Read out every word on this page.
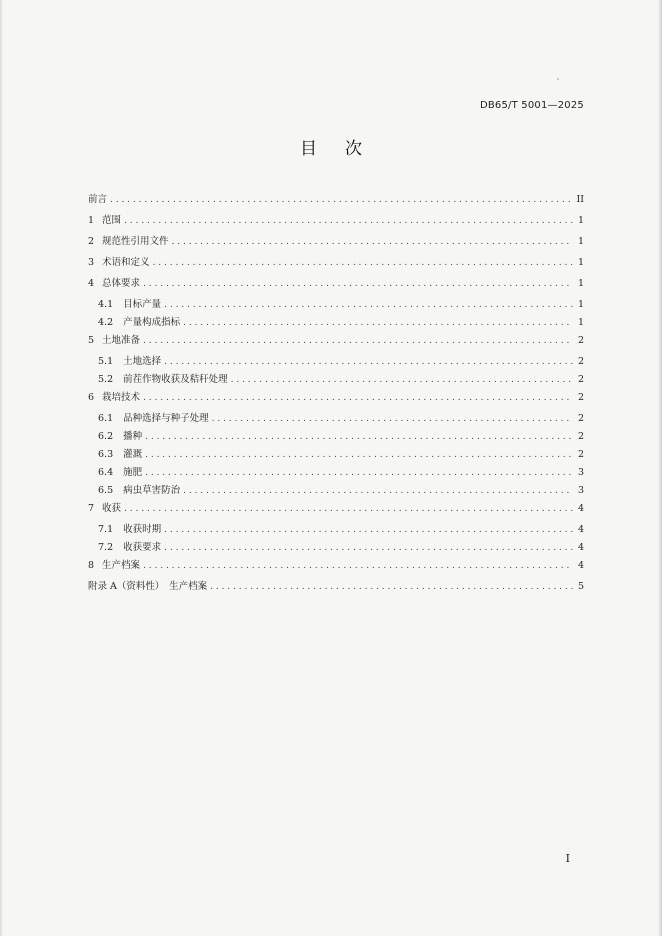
DB65/T 5001—2025
目次
前言 . . .	II
1 范围 . . .	1
2 规范性引用文件 . . .	1
3 术语和定义 . . .	1
4 总体要求 . . .	1
4.1 目标产量 . . .	1
4.2 产量构成指标 . . .	1
5 土地准备 . . .	2
5.1 土地选择 . . .	2
5.2 前茬作物收获及秸秆处理 . . .	2
6 栽培技术 . . .	2
6.1 品种选择与种子处理 . . .	2
6.2 播种 . . .	2
6.3 灌溉 . . .	2
6.4 施肥 . . .	3
6.5 病虫草害防治 . . .	3
7 收获 . . .	4
7.1 收获时期 . . .	4
7.2 收获要求 . . .	4
8 生产档案 . . .	4
附录 A（资料性）　生产档案 . . .	5
I
